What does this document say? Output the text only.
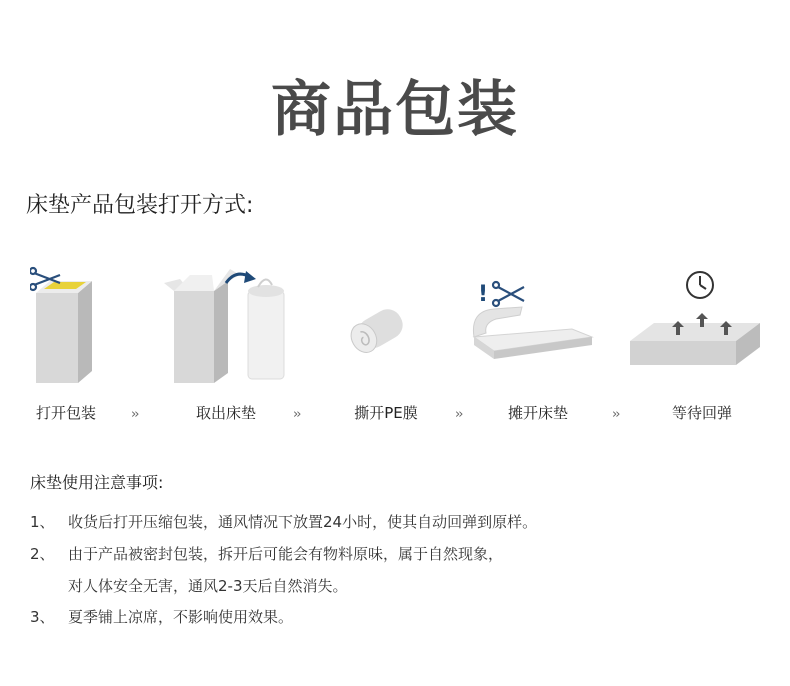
商品包装
床垫产品包装打开方式:
!
打开包装	››	取出床垫	››	撕开PE膜	››	摊开床垫	››	等待回弹
床垫使用注意事项:
1、 收货后打开压缩包装，通风情况下放置24小时，使其自动回弹到原样。
2、 由于产品被密封包装，拆开后可能会有物料原味，属于自然现象，
对人体安全无害，通风2-3天后自然消失。
3、 夏季铺上凉席，不影响使用效果。
